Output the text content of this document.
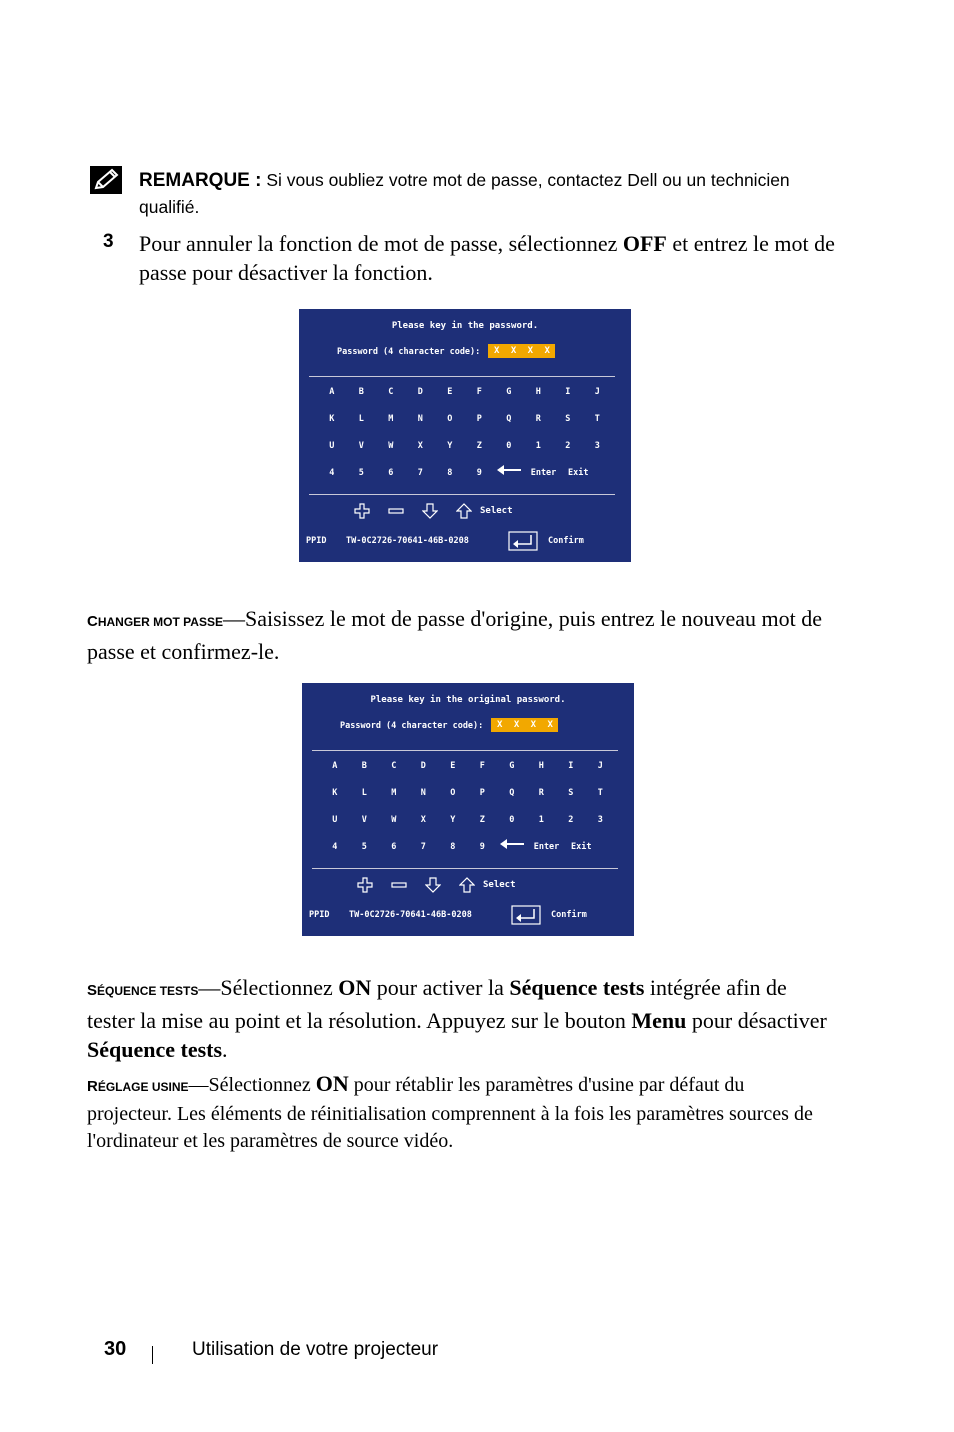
REMARQUE : Si vous oubliez votre mot de passe, contactez Dell ou un technicien qualifié.
3 Pour annuler la fonction de mot de passe, sélectionnez OFF et entrez le mot de passe pour désactiver la fonction.
Please key in the password.
Password (4 character code):	X X X X
A	B	C	D	E	F	G	H	I	J
K	L	M	N	O	P	Q	R	S	T
U	V	W	X	Y	Z	0	1	2	3
4	5	6	7	8	9	Enter	Exit
Select
PPID	TW-0C2726-70641-46B-0208	Confirm
CHANGER MOT PASSE—Saisissez le mot de passe d'origine, puis entrez le nouveau mot de passe et confirmez-le.
Please key in the original password.
Password (4 character code):	X X X X
A	B	C	D	E	F	G	H	I	J
K	L	M	N	O	P	Q	R	S	T
U	V	W	X	Y	Z	0	1	2	3
4	5	6	7	8	9	Enter	Exit
Select
PPID	TW-0C2726-70641-46B-0208	Confirm
SÉQUENCE TESTS—Sélectionnez ON pour activer la Séquence tests intégrée afin de tester la mise au point et la résolution. Appuyez sur le bouton Menu pour désactiver Séquence tests.
RÉGLAGE USINE—Sélectionnez ON pour rétablir les paramètres d'usine par défaut du projecteur. Les éléments de réinitialisation comprennent à la fois les paramètres sources de l'ordinateur et les paramètres de source vidéo.
30	Utilisation de votre projecteur
